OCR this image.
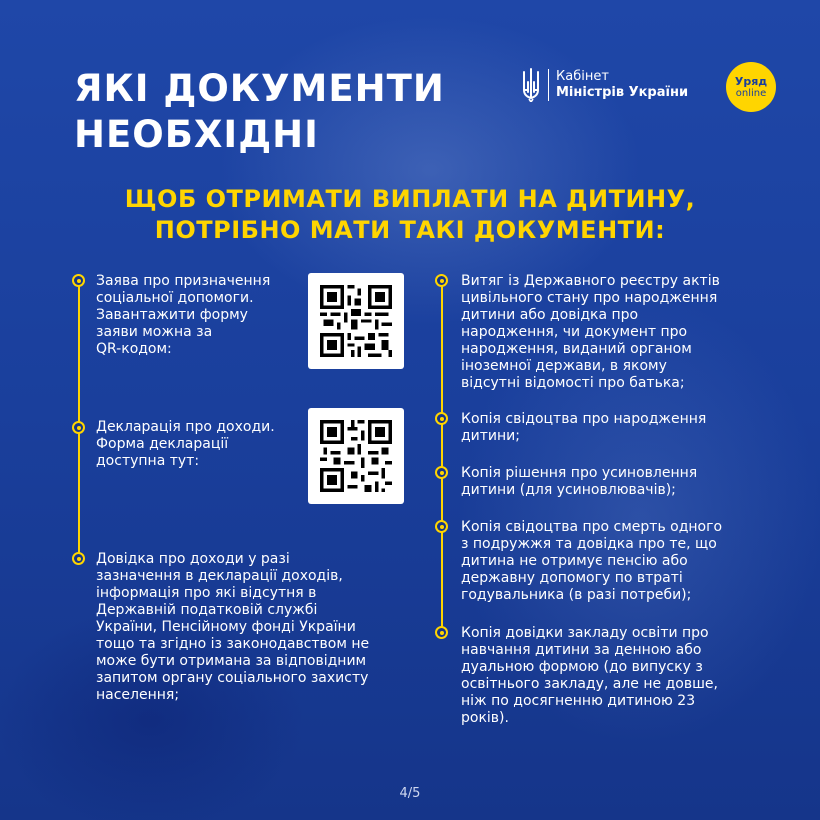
ЯКІ ДОКУМЕНТИ
НЕОБХІДНІ
Кабінет
Міністрів України
Уряд
online
ЩОБ ОТРИМАТИ ВИПЛАТИ НА ДИТИНУ,
ПОТРІБНО МАТИ ТАКІ ДОКУМЕНТИ:

Заява про призначення
соціальної допомоги.
Завантажити форму
заяви можна за
QR-кодом:

Декларація про доходи.
Форма декларації
доступна тут:

Довідка про доходи у разі
зазначення в декларації доходів,
інформація про які відсутня в
Державній податковій службі
України, Пенсійному фонді України
тощо та згідно із законодавством не
може бути отримана за відповідним
запитом органу соціального захисту
населення;

Витяг із Державного реєстру актів
цивільного стану про народження
дитини або довідка про
народження, чи документ про
народження, виданий органом
іноземної держави, в якому
відсутні відомості про батька;

Копія свідоцтва про народження
дитини;

Копія рішення про усиновлення
дитини (для усиновлювачів);

Копія свідоцтва про смерть одного
з подружжя та довідка про те, що
дитина не отримує пенсію або
державну допомогу по втраті
годувальника (в разі потреби);

Копія довідки закладу освіти про
навчання дитини за денною або
дуальною формою (до випуску з
освітнього закладу, але не довше,
ніж по досягненню дитиною 23
років).

4/5
